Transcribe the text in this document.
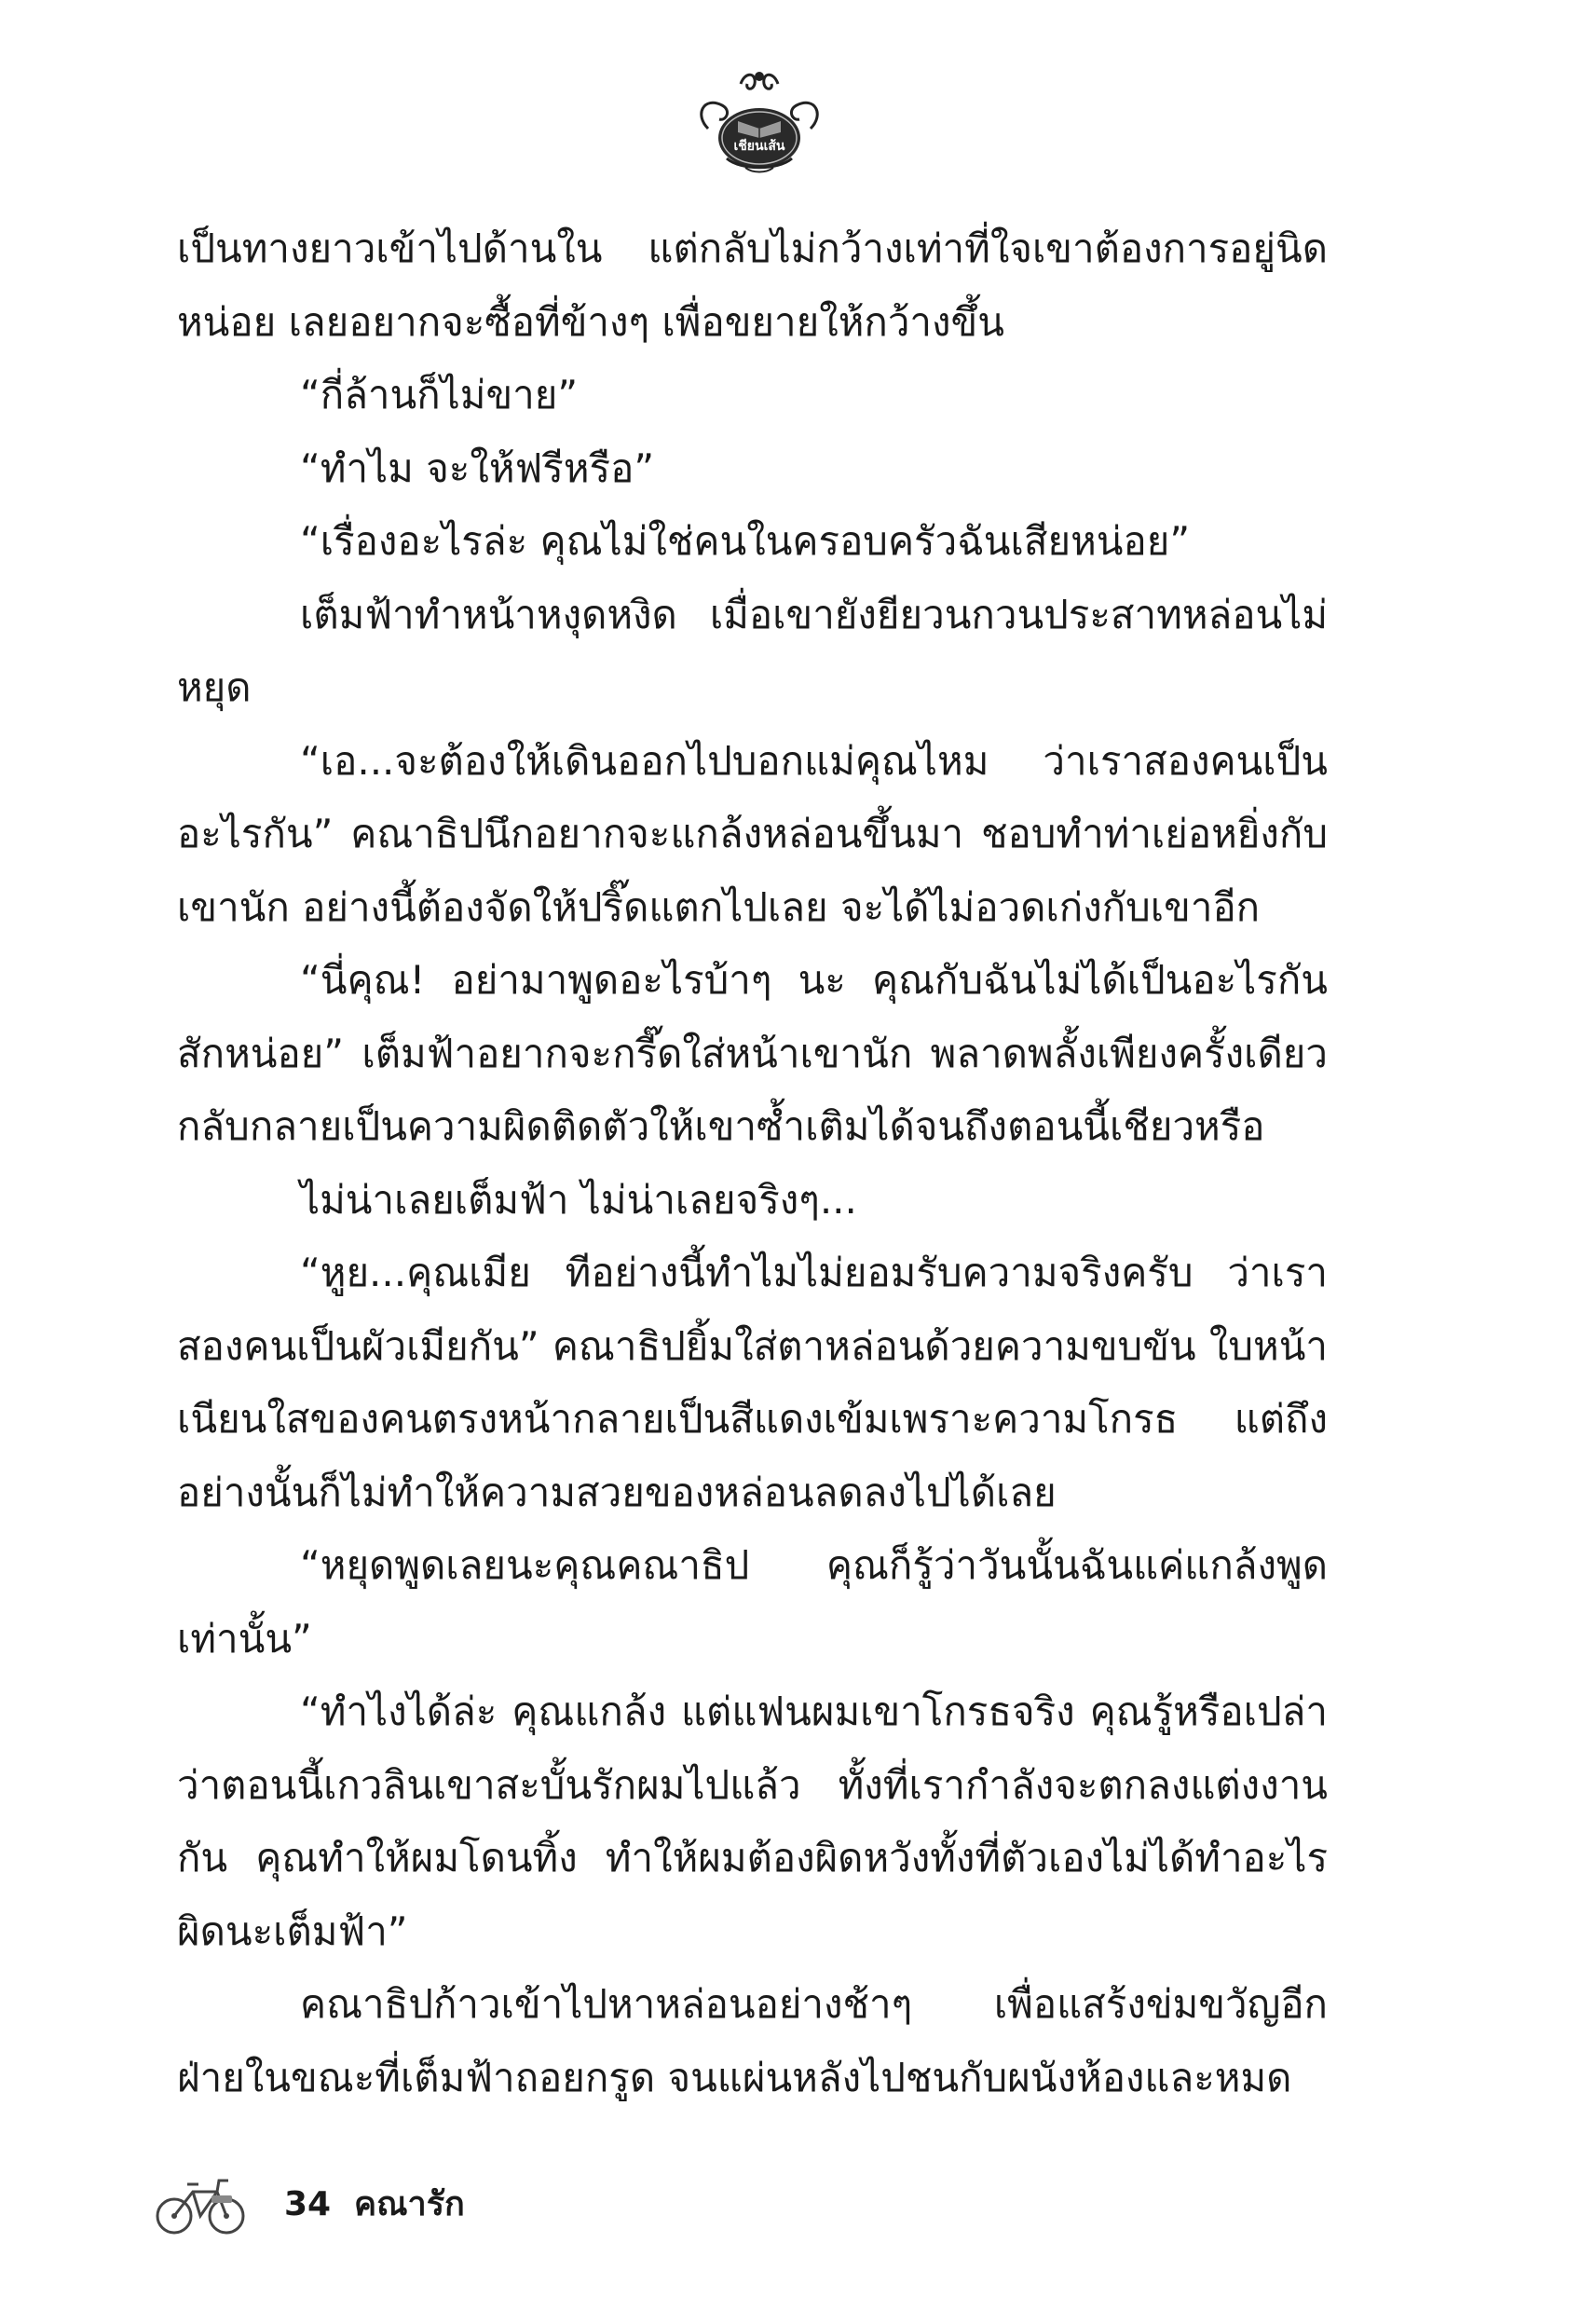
เชียนเส้น

เป็นทางยาวเข้าไปด้านใน แต่กลับไม่กว้างเท่าที่ใจเขาต้องการอยู่นิดหน่อย เลยอยากจะซื้อที่ข้างๆ เพื่อขยายให้กว้างขึ้น

“กี่ล้านก็ไม่ขาย”

“ทำไม จะให้ฟรีหรือ”

“เรื่องอะไรล่ะ คุณไม่ใช่คนในครอบครัวฉันเสียหน่อย”

เต็มฟ้าทำหน้าหงุดหงิด เมื่อเขายังยียวนกวนประสาทหล่อนไม่หยุด

“เอ...จะต้องให้เดินออกไปบอกแม่คุณไหม ว่าเราสองคนเป็นอะไรกัน” คณาธิปนึกอยากจะแกล้งหล่อนขึ้นมา ชอบทำท่าเย่อหยิ่งกับเขานัก อย่างนี้ต้องจัดให้ปริ๊ดแตกไปเลย จะได้ไม่อวดเก่งกับเขาอีก

“นี่คุณ! อย่ามาพูดอะไรบ้าๆ นะ คุณกับฉันไม่ได้เป็นอะไรกันสักหน่อย” เต็มฟ้าอยากจะกรี๊ดใส่หน้าเขานัก พลาดพลั้งเพียงครั้งเดียวกลับกลายเป็นความผิดติดตัวให้เขาซ้ำเติมได้จนถึงตอนนี้เชียวหรือ

ไม่น่าเลยเต็มฟ้า ไม่น่าเลยจริงๆ...

“หูย...คุณเมีย ทีอย่างนี้ทำไมไม่ยอมรับความจริงครับ ว่าเราสองคนเป็นผัวเมียกัน” คณาธิปยิ้มใส่ตาหล่อนด้วยความขบขัน ใบหน้าเนียนใสของคนตรงหน้ากลายเป็นสีแดงเข้มเพราะความโกรธ แต่ถึงอย่างนั้นก็ไม่ทำให้ความสวยของหล่อนลดลงไปได้เลย

“หยุดพูดเลยนะคุณคณาธิป คุณก็รู้ว่าวันนั้นฉันแค่แกล้งพูดเท่านั้น”

“ทำไงได้ล่ะ คุณแกล้ง แต่แฟนผมเขาโกรธจริง คุณรู้หรือเปล่าว่าตอนนี้เกวลินเขาสะบั้นรักผมไปแล้ว ทั้งที่เรากำลังจะตกลงแต่งงานกัน คุณทำให้ผมโดนทิ้ง ทำให้ผมต้องผิดหวังทั้งที่ตัวเองไม่ได้ทำอะไรผิดนะเต็มฟ้า”

คณาธิปก้าวเข้าไปหาหล่อนอย่างช้าๆ เพื่อแสร้งข่มขวัญอีกฝ่ายในขณะที่เต็มฟ้าถอยกรูด จนแผ่นหลังไปชนกับผนังห้องและหมด

34 คณารัก
